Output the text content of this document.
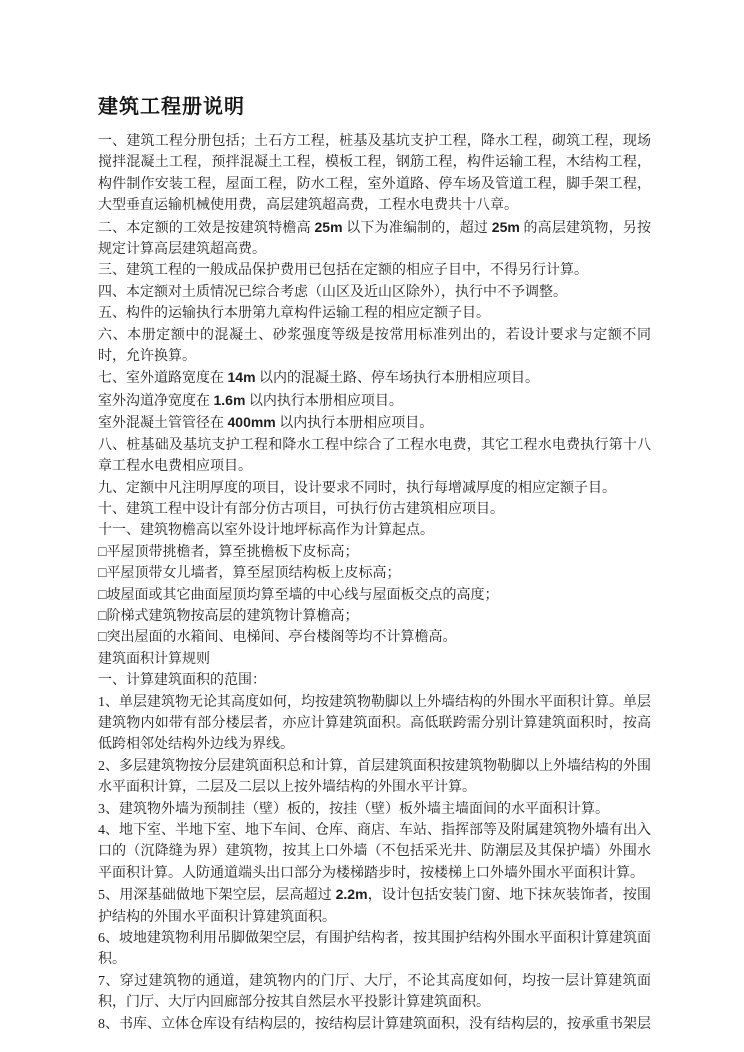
建筑工程册说明

一、建筑工程分册包括；土石方工程，桩基及基坑支护工程，降水工程，砌筑工程，现场搅拌混凝土工程，预拌混凝土工程，模板工程，钢筋工程，构件运输工程，木结构工程，构件制作安装工程，屋面工程，防水工程，室外道路、停车场及管道工程，脚手架工程，大型垂直运输机械使用费，高层建筑超高费，工程水电费共十八章。

二、本定额的工效是按建筑特檐高 25m 以下为准编制的，超过 25m 的高层建筑物，另按规定计算高层建筑超高费。

三、建筑工程的一般成品保护费用已包括在定额的相应子目中，不得另行计算。

四、本定额对土质情况已综合考虑（山区及近山区除外），执行中不予调整。

五、构件的运输执行本册第九章构件运输工程的相应定额子目。

六、本册定额中的混凝土、砂浆强度等级是按常用标准列出的，若设计要求与定额不同时，允许换算。

七、室外道路宽度在 14m 以内的混凝土路、停车场执行本册相应项目。

室外沟道净宽度在 1.6m 以内执行本册相应项目。

室外混凝土管管径在 400mm 以内执行本册相应项目。

八、桩基础及基坑支护工程和降水工程中综合了工程水电费，其它工程水电费执行第十八章工程水电费相应项目。

九、定额中凡注明厚度的项目，设计要求不同时，执行每增减厚度的相应定额子目。

十、建筑工程中设计有部分仿古项目，可执行仿古建筑相应项目。

十一、建筑物檐高以室外设计地坪标高作为计算起点。

□平屋顶带挑檐者，算至挑檐板下皮标高；

□平屋顶带女儿墙者，算至屋顶结构板上皮标高；

□坡屋面或其它曲面屋顶均算至墙的中心线与屋面板交点的高度；

□阶梯式建筑物按高层的建筑物计算檐高；

□突出屋面的水箱间、电梯间、亭台楼阁等均不计算檐高。

建筑面积计算规则

一、计算建筑面积的范围：

1、单层建筑物无论其高度如何，均按建筑物勒脚以上外墙结构的外围水平面积计算。单层建筑物内如带有部分楼层者，亦应计算建筑面积。高低联跨需分别计算建筑面积时，按高低跨相邻处结构外边线为界线。

2、多层建筑物按分层建筑面积总和计算，首层建筑面积按建筑物勒脚以上外墙结构的外围水平面积计算，二层及二层以上按外墙结构的外围水平计算。

3、建筑物外墙为预制挂（壁）板的，按挂（壁）板外墙主墙面间的水平面积计算。

4、地下室、半地下室、地下车间、仓库、商店、车站、指挥部等及附属建筑物外墙有出入口的（沉降缝为界）建筑物，按其上口外墙（不包括采光井、防潮层及其保护墙）外围水平面积计算。人防通道端头出口部分为楼梯踏步时，按楼梯上口外墙外围水平面积计算。

5、用深基础做地下架空层，层高超过 2.2m，设计包括安装门窗、地下抹灰装饰者，按围护结构的外围水平面积计算建筑面积。

6、坡地建筑物利用吊脚做架空层，有围护结构者，按其围护结构外围水平面积计算建筑面积。

7、穿过建筑物的通道，建筑物内的门厅、大厅，不论其高度如何，均按一层计算建筑面积，门厅、大厅内回廊部分按其自然层水平投影计算建筑面积。

8、书库、立体仓库设有结构层的，按结构层计算建筑面积，没有结构层的，按承重书架层
